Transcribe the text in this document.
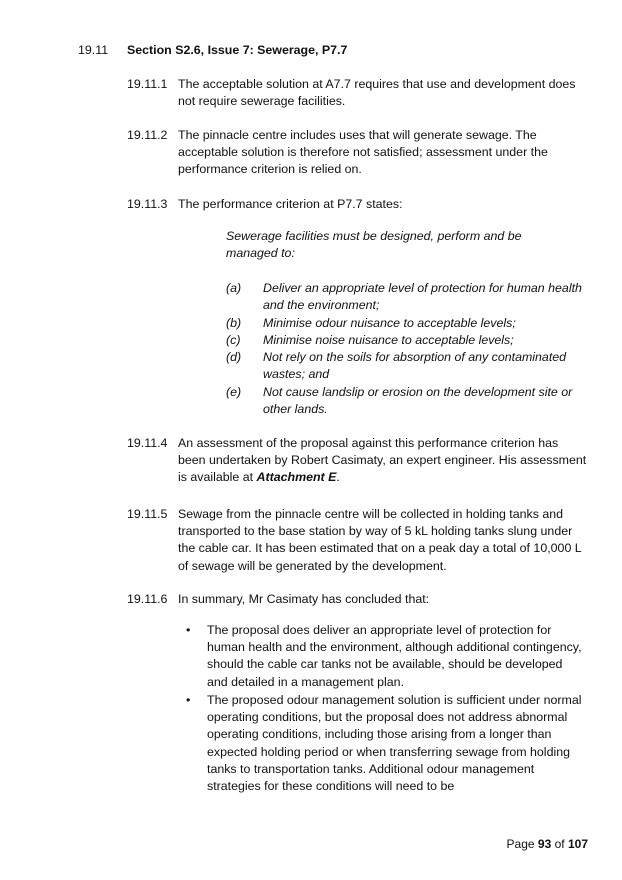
19.11 Section S2.6, Issue 7: Sewerage, P7.7
19.11.1 The acceptable solution at A7.7 requires that use and development does not require sewerage facilities.
19.11.2 The pinnacle centre includes uses that will generate sewage. The acceptable solution is therefore not satisfied; assessment under the performance criterion is relied on.
19.11.3 The performance criterion at P7.7 states:
Sewerage facilities must be designed, perform and be managed to:
(a) Deliver an appropriate level of protection for human health and the environment;
(b) Minimise odour nuisance to acceptable levels;
(c) Minimise noise nuisance to acceptable levels;
(d) Not rely on the soils for absorption of any contaminated wastes; and
(e) Not cause landslip or erosion on the development site or other lands.
19.11.4 An assessment of the proposal against this performance criterion has been undertaken by Robert Casimaty, an expert engineer. His assessment is available at Attachment E.
19.11.5 Sewage from the pinnacle centre will be collected in holding tanks and transported to the base station by way of 5 kL holding tanks slung under the cable car. It has been estimated that on a peak day a total of 10,000 L of sewage will be generated by the development.
19.11.6 In summary, Mr Casimaty has concluded that:
• The proposal does deliver an appropriate level of protection for human health and the environment, although additional contingency, should the cable car tanks not be available, should be developed and detailed in a management plan.
• The proposed odour management solution is sufficient under normal operating conditions, but the proposal does not address abnormal operating conditions, including those arising from a longer than expected holding period or when transferring sewage from holding tanks to transportation tanks. Additional odour management strategies for these conditions will need to be
Page 93 of 107
